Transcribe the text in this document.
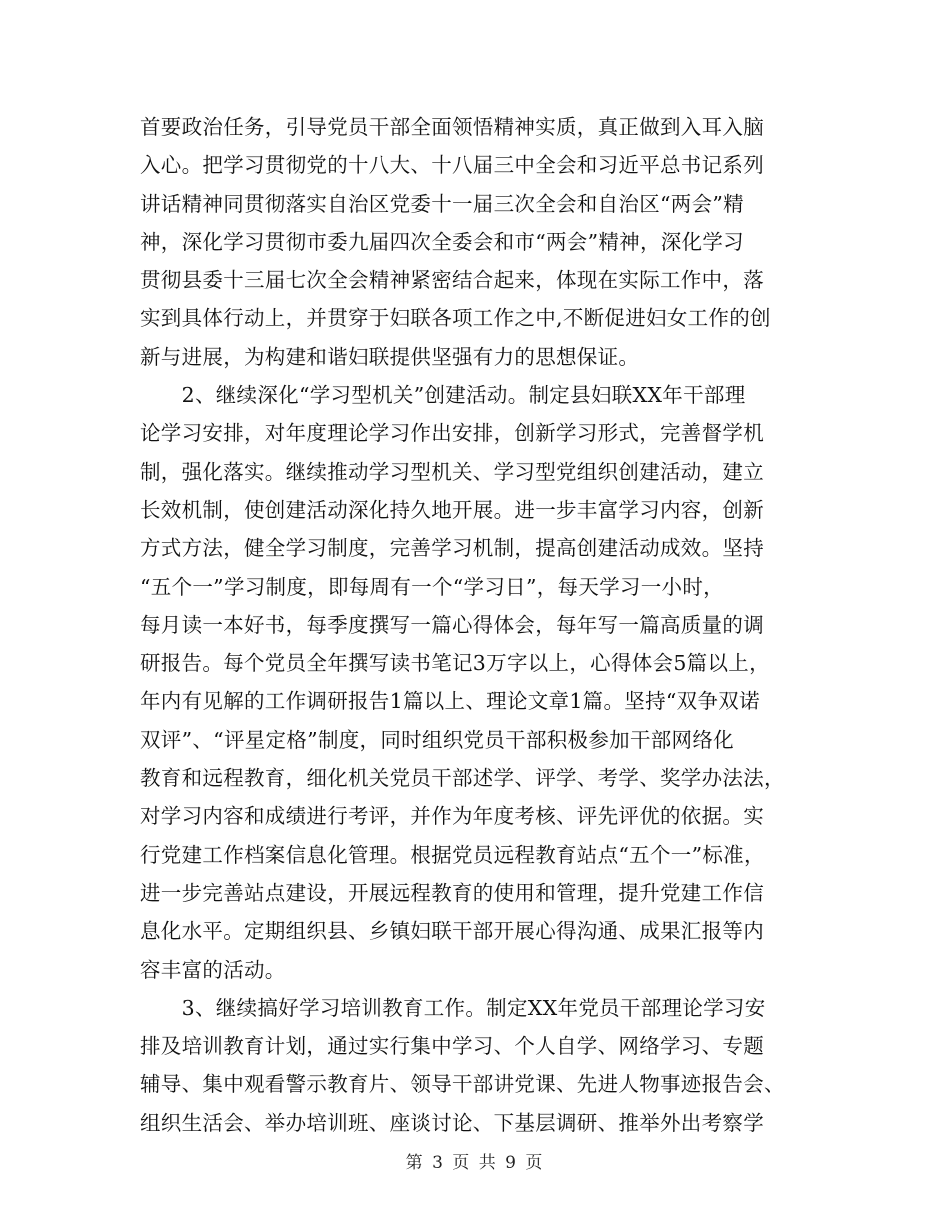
首要政治任务，引导党员干部全面领悟精神实质，真正做到入耳入脑
入心。把学习贯彻党的十八大、十八届三中全会和习近平总书记系列
讲话精神同贯彻落实自治区党委十一届三次全会和自治区“两会”精
神，深化学习贯彻市委九届四次全委会和市“两会”精神，深化学习
贯彻县委十三届七次全会精神紧密结合起来，体现在实际工作中，落
实到具体行动上，并贯穿于妇联各项工作之中,不断促进妇女工作的创
新与进展，为构建和谐妇联提供坚强有力的思想保证。
　　2、继续深化“学习型机关”创建活动。制定县妇联XX年干部理
论学习安排，对年度理论学习作出安排，创新学习形式，完善督学机
制，强化落实。继续推动学习型机关、学习型党组织创建活动，建立
长效机制，使创建活动深化持久地开展。进一步丰富学习内容，创新
方式方法，健全学习制度，完善学习机制，提高创建活动成效。坚持
“五个一”学习制度，即每周有一个“学习日”，每天学习一小时，
每月读一本好书，每季度撰写一篇心得体会，每年写一篇高质量的调
研报告。每个党员全年撰写读书笔记3万字以上，心得体会5篇以上，
年内有见解的工作调研报告1篇以上、理论文章1篇。坚持“双争双诺
双评”、“评星定格”制度，同时组织党员干部积极参加干部网络化
教育和远程教育，细化机关党员干部述学、评学、考学、奖学办法法，
对学习内容和成绩进行考评，并作为年度考核、评先评优的依据。实
行党建工作档案信息化管理。根据党员远程教育站点“五个一”标准，
进一步完善站点建设，开展远程教育的使用和管理，提升党建工作信
息化水平。定期组织县、乡镇妇联干部开展心得沟通、成果汇报等内
容丰富的活动。
　　3、继续搞好学习培训教育工作。制定XX年党员干部理论学习安
排及培训教育计划，通过实行集中学习、个人自学、网络学习、专题
辅导、集中观看警示教育片、领导干部讲党课、先进人物事迹报告会、
组织生活会、举办培训班、座谈讨论、下基层调研、推举外出考察学
第 3 页 共 9 页
